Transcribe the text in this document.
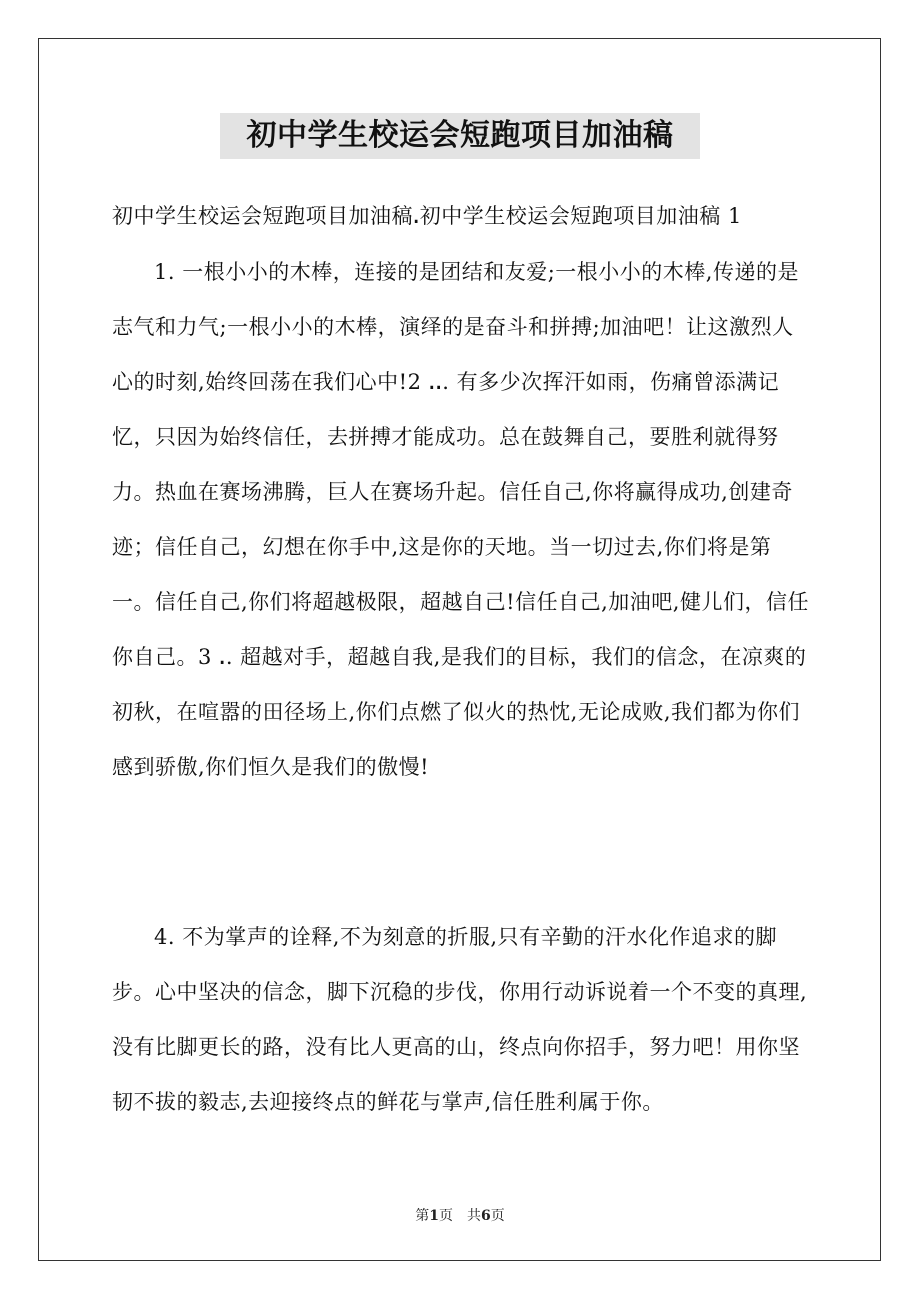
初中学生校运会短跑项目加油稿
初中学生校运会短跑项目加油稿ꓸ初中学生校运会短跑项目加油稿 1
1. 一根小小的木棒，连接的是团结和友爱;一根小小的木棒,传递的是志气和力气;一根小小的木棒，演绎的是奋斗和拼搏;加油吧！让这激烈人心的时刻,始终回荡在我们心中!2 ꓸꓸ. 有多少次挥汗如雨，伤痛曾添满记忆，只因为始终信任，去拼搏才能成功。总在鼓舞自己，要胜利就得努力。热血在赛场沸腾，巨人在赛场升起。信任自己,你将赢得成功,创建奇迹；信任自己，幻想在你手中,这是你的天地。当一切过去,你们将是第一。信任自己,你们将超越极限，超越自己!信任自己,加油吧,健儿们，信任你自己。3 ꓸ. 超越对手，超越自我,是我们的目标，我们的信念，在凉爽的初秋，在喧嚣的田径场上,你们点燃了似火的热忱,无论成败,我们都为你们感到骄傲,你们恒久是我们的傲慢!
4. 不为掌声的诠释,不为刻意的折服,只有辛勤的汗水化作追求的脚步。心中坚决的信念，脚下沉稳的步伐，你用行动诉说着一个不变的真理,没有比脚更长的路，没有比人更高的山，终点向你招手，努力吧！用你坚韧不拔的毅志,去迎接终点的鲜花与掌声,信任胜利属于你。
第1页 共6页
